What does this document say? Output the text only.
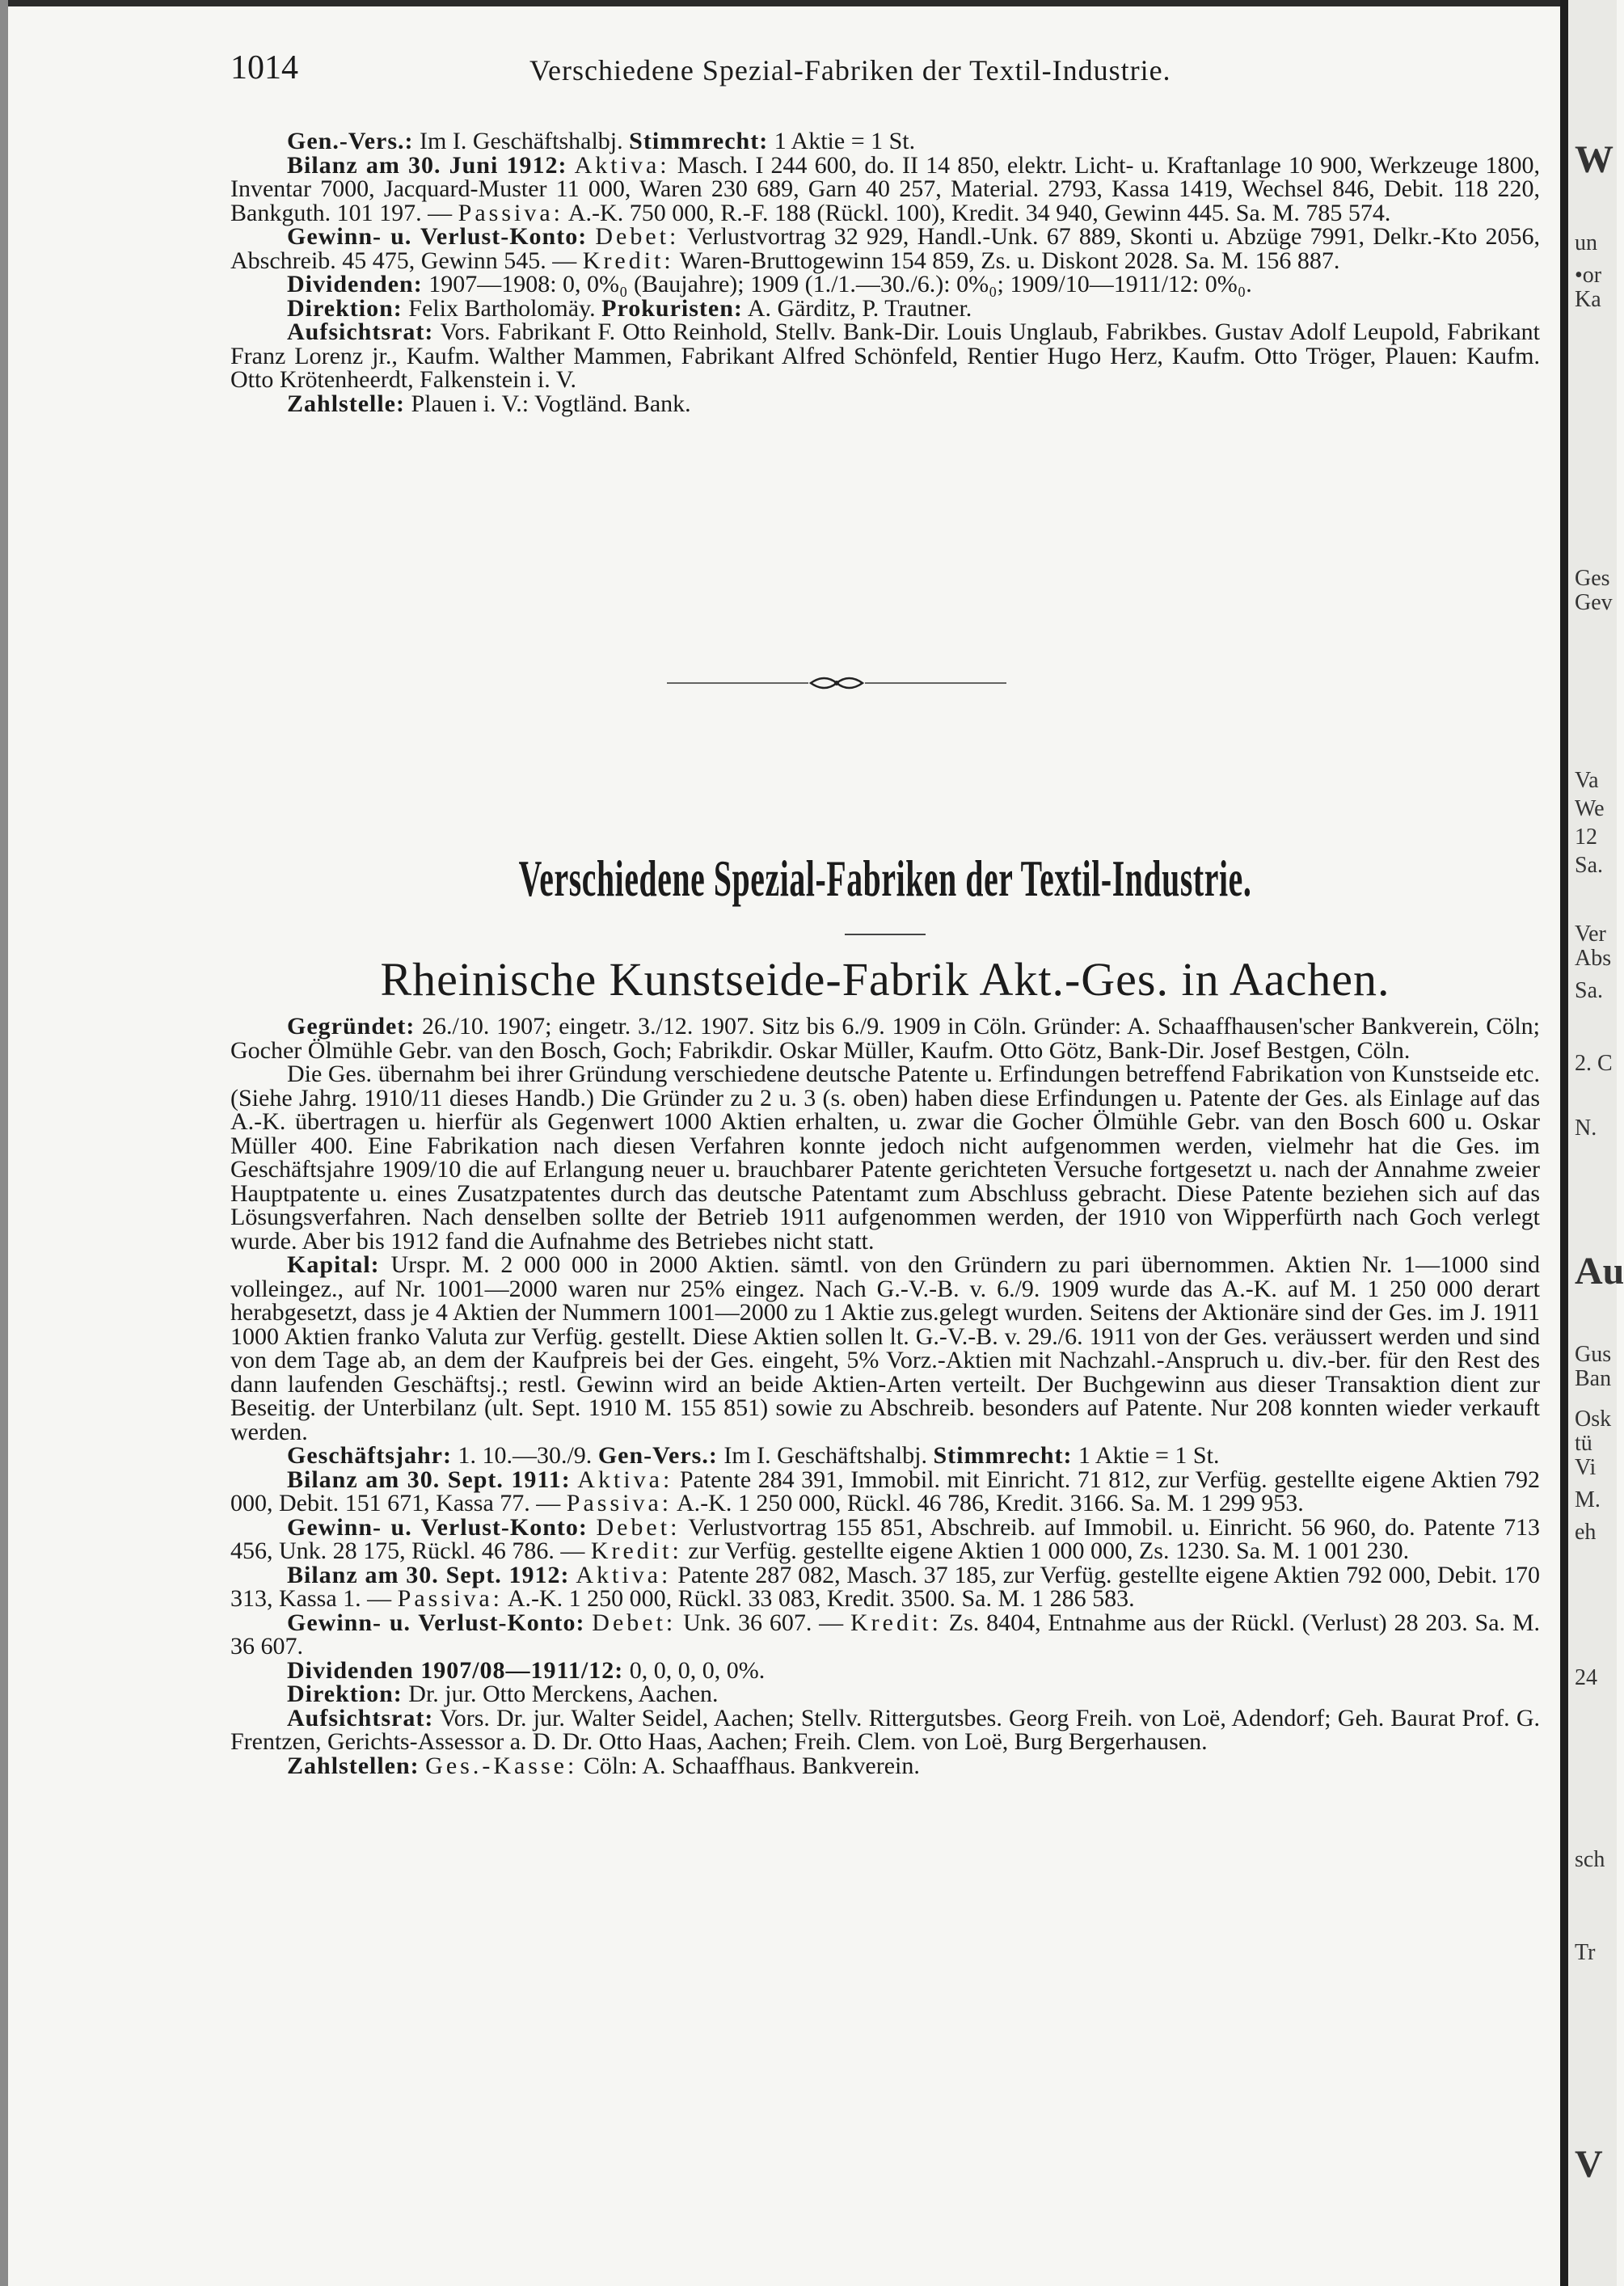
W
un
•or
Ka
Ges
Gev
Va
We
12
Sa.
Ver
Abs
Sa.
2. C
N.
Au
Gus
Ban
Osk
tü
Vi
M.
eh
24
sch
Tr
V
1014	Verschiedene Spezial-Fabriken der Textil-Industrie.

Gen.-Vers.: Im I. Geschäftshalbj. Stimmrecht: 1 Aktie = 1 St.

Bilanz am 30. Juni 1912: Aktiva: Masch. I 244 600, do. II 14 850, elektr. Licht- u. Kraftanlage 10 900, Werkzeuge 1800, Inventar 7000, Jacquard-Muster 11 000, Waren 230 689, Garn 40 257, Material. 2793, Kassa 1419, Wechsel 846, Debit. 118 220, Bankguth. 101 197. — Passiva: A.-K. 750 000, R.-F. 188 (Rückl. 100), Kredit. 34 940, Gewinn 445. Sa. M. 785 574.

Gewinn- u. Verlust-Konto: Debet: Verlustvortrag 32 929, Handl.-Unk. 67 889, Skonti u. Abzüge 7991, Delkr.-Kto 2056, Abschreib. 45 475, Gewinn 545. — Kredit: Waren-Bruttogewinn 154 859, Zs. u. Diskont 2028. Sa. M. 156 887.

Dividenden: 1907—1908: 0, 0%₀ (Baujahre); 1909 (1./1.—30./6.): 0%₀; 1909/10—1911/12: 0%₀.

Direktion: Felix Bartholomäy. Prokuristen: A. Gärditz, P. Trautner.

Aufsichtsrat: Vors. Fabrikant F. Otto Reinhold, Stellv. Bank-Dir. Louis Unglaub, Fabrikbes. Gustav Adolf Leupold, Fabrikant Franz Lorenz jr., Kaufm. Walther Mammen, Fabrikant Alfred Schönfeld, Rentier Hugo Herz, Kaufm. Otto Tröger, Plauen: Kaufm. Otto Krötenheerdt, Falkenstein i. V.

Zahlstelle: Plauen i. V.: Vogtländ. Bank.

Verschiedene Spezial-Fabriken der Textil-Industrie.
Rheinische Kunstseide-Fabrik Akt.-Ges. in Aachen.

Gegründet: 26./10. 1907; eingetr. 3./12. 1907. Sitz bis 6./9. 1909 in Cöln. Gründer: A. Schaaffhausen'scher Bankverein, Cöln; Gocher Ölmühle Gebr. van den Bosch, Goch; Fabrikdir. Oskar Müller, Kaufm. Otto Götz, Bank-Dir. Josef Bestgen, Cöln.

Die Ges. übernahm bei ihrer Gründung verschiedene deutsche Patente u. Erfindungen betreffend Fabrikation von Kunstseide etc. (Siehe Jahrg. 1910/11 dieses Handb.) Die Gründer zu 2 u. 3 (s. oben) haben diese Erfindungen u. Patente der Ges. als Einlage auf das A.-K. übertragen u. hierfür als Gegenwert 1000 Aktien erhalten, u. zwar die Gocher Ölmühle Gebr. van den Bosch 600 u. Oskar Müller 400. Eine Fabrikation nach diesen Verfahren konnte jedoch nicht aufgenommen werden, vielmehr hat die Ges. im Geschäftsjahre 1909/10 die auf Erlangung neuer u. brauchbarer Patente gerichteten Versuche fortgesetzt u. nach der Annahme zweier Hauptpatente u. eines Zusatzpatentes durch das deutsche Patentamt zum Abschluss gebracht. Diese Patente beziehen sich auf das Lösungsverfahren. Nach denselben sollte der Betrieb 1911 aufgenommen werden, der 1910 von Wipperfürth nach Goch verlegt wurde. Aber bis 1912 fand die Aufnahme des Betriebes nicht statt.

Kapital: Urspr. M. 2 000 000 in 2000 Aktien. sämtl. von den Gründern zu pari übernommen. Aktien Nr. 1—1000 sind volleingez., auf Nr. 1001—2000 waren nur 25% eingez. Nach G.-V.-B. v. 6./9. 1909 wurde das A.-K. auf M. 1 250 000 derart herabgesetzt, dass je 4 Aktien der Nummern 1001—2000 zu 1 Aktie zus.gelegt wurden. Seitens der Aktionäre sind der Ges. im J. 1911 1000 Aktien franko Valuta zur Verfüg. gestellt. Diese Aktien sollen lt. G.-V.-B. v. 29./6. 1911 von der Ges. veräussert werden und sind von dem Tage ab, an dem der Kaufpreis bei der Ges. eingeht, 5% Vorz.-Aktien mit Nachzahl.-Anspruch u. div.-ber. für den Rest des dann laufenden Geschäftsj.; restl. Gewinn wird an beide Aktien-Arten verteilt. Der Buchgewinn aus dieser Transaktion dient zur Beseitig. der Unterbilanz (ult. Sept. 1910 M. 155 851) sowie zu Abschreib. besonders auf Patente. Nur 208 konnten wieder verkauft werden.

Geschäftsjahr: 1. 10.—30./9. Gen-Vers.: Im I. Geschäftshalbj. Stimmrecht: 1 Aktie = 1 St.

Bilanz am 30. Sept. 1911: Aktiva: Patente 284 391, Immobil. mit Einricht. 71 812, zur Verfüg. gestellte eigene Aktien 792 000, Debit. 151 671, Kassa 77. — Passiva: A.-K. 1 250 000, Rückl. 46 786, Kredit. 3166. Sa. M. 1 299 953.

Gewinn- u. Verlust-Konto: Debet: Verlustvortrag 155 851, Abschreib. auf Immobil. u. Einricht. 56 960, do. Patente 713 456, Unk. 28 175, Rückl. 46 786. — Kredit: zur Verfüg. gestellte eigene Aktien 1 000 000, Zs. 1230. Sa. M. 1 001 230.

Bilanz am 30. Sept. 1912: Aktiva: Patente 287 082, Masch. 37 185, zur Verfüg. gestellte eigene Aktien 792 000, Debit. 170 313, Kassa 1. — Passiva: A.-K. 1 250 000, Rückl. 33 083, Kredit. 3500. Sa. M. 1 286 583.

Gewinn- u. Verlust-Konto: Debet: Unk. 36 607. — Kredit: Zs. 8404, Entnahme aus der Rückl. (Verlust) 28 203. Sa. M. 36 607.

Dividenden 1907/08—1911/12: 0, 0, 0, 0, 0%.

Direktion: Dr. jur. Otto Merckens, Aachen.

Aufsichtsrat: Vors. Dr. jur. Walter Seidel, Aachen; Stellv. Rittergutsbes. Georg Freih. von Loë, Adendorf; Geh. Baurat Prof. G. Frentzen, Gerichts-Assessor a. D. Dr. Otto Haas, Aachen; Freih. Clem. von Loë, Burg Bergerhausen.

Zahlstellen: Ges.-Kasse: Cöln: A. Schaaffhaus. Bankverein.
